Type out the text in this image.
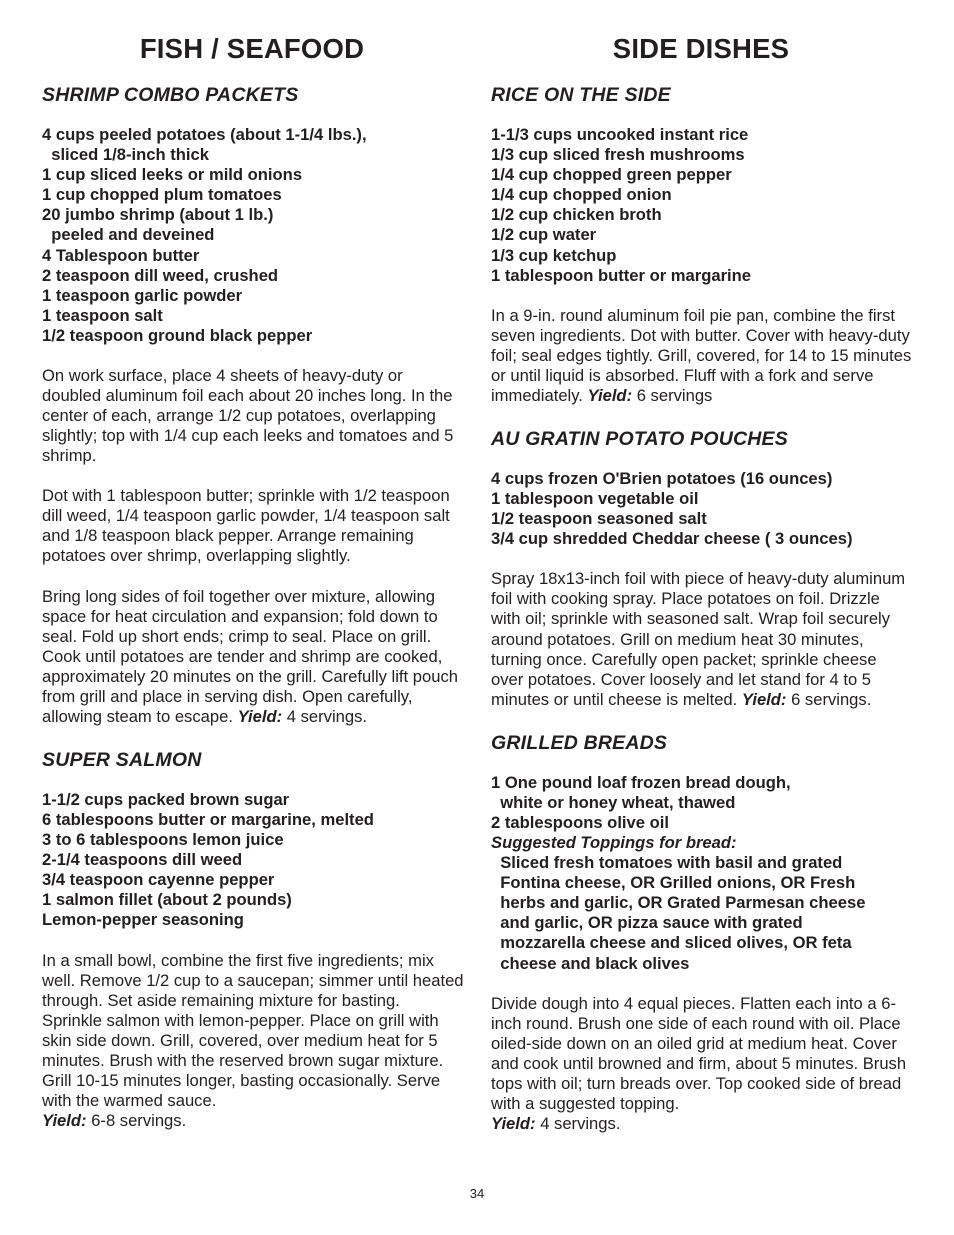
FISH / SEAFOOD
SHRIMP COMBO PACKETS
4 cups peeled potatoes (about 1-1/4 lbs.),
sliced 1/8-inch thick
1 cup sliced leeks or mild onions
1 cup chopped plum tomatoes
20 jumbo shrimp (about 1 lb.)
peeled and deveined
4 Tablespoon butter
2 teaspoon dill weed, crushed
1 teaspoon garlic powder
1 teaspoon salt
1/2 teaspoon ground black pepper

On work surface, place 4 sheets of heavy-duty or doubled aluminum foil each about 20 inches long. In the center of each, arrange 1/2 cup potatoes, overlapping slightly; top with 1/4 cup each leeks and tomatoes and 5 shrimp.

Dot with 1 tablespoon butter; sprinkle with 1/2 teaspoon dill weed, 1/4 teaspoon garlic powder, 1/4 teaspoon salt and 1/8 teaspoon black pepper. Arrange remaining potatoes over shrimp, overlapping slightly.

Bring long sides of foil together over mixture, allowing space for heat circulation and expansion; fold down to seal. Fold up short ends; crimp to seal. Place on grill. Cook until potatoes are tender and shrimp are cooked, approximately 20 minutes on the grill. Carefully lift pouch from grill and place in serving dish. Open carefully, allowing steam to escape. Yield: 4 servings.

SUPER SALMON
1-1/2 cups packed brown sugar
6 tablespoons butter or margarine, melted
3 to 6 tablespoons lemon juice
2-1/4 teaspoons dill weed
3/4 teaspoon cayenne pepper
1 salmon fillet (about 2 pounds)
Lemon-pepper seasoning

In a small bowl, combine the first five ingredients; mix well. Remove 1/2 cup to a saucepan; simmer until heated through. Set aside remaining mixture for basting. Sprinkle salmon with lemon-pepper. Place on grill with skin side down. Grill, covered, over medium heat for 5 minutes. Brush with the reserved brown sugar mixture. Grill 10-15 minutes longer, basting occasionally. Serve with the warmed sauce.
Yield: 6-8 servings.

SIDE DISHES
RICE ON THE SIDE
1-1/3 cups uncooked instant rice
1/3 cup sliced fresh mushrooms
1/4 cup chopped green pepper
1/4 cup chopped onion
1/2 cup chicken broth
1/2 cup water
1/3 cup ketchup
1 tablespoon butter or margarine

In a 9-in. round aluminum foil pie pan, combine the first seven ingredients. Dot with butter. Cover with heavy-duty foil; seal edges tightly. Grill, covered, for 14 to 15 minutes or until liquid is absorbed. Fluff with a fork and serve immediately. Yield: 6 servings

AU GRATIN POTATO POUCHES
4 cups frozen O'Brien potatoes (16 ounces)
1 tablespoon vegetable oil
1/2 teaspoon seasoned salt
3/4 cup shredded Cheddar cheese ( 3 ounces)

Spray 18x13-inch foil with piece of heavy-duty aluminum foil with cooking spray. Place potatoes on foil. Drizzle with oil; sprinkle with seasoned salt. Wrap foil securely around potatoes. Grill on medium heat 30 minutes, turning once. Carefully open packet; sprinkle cheese over potatoes. Cover loosely and let stand for 4 to 5 minutes or until cheese is melted. Yield: 6 servings.

GRILLED BREADS
1 One pound loaf frozen bread dough,
white or honey wheat, thawed
2 tablespoons olive oil
Suggested Toppings for bread:
Sliced fresh tomatoes with basil and grated
Fontina cheese, OR Grilled onions, OR Fresh
herbs and garlic, OR Grated Parmesan cheese
and garlic, OR pizza sauce with grated
mozzarella cheese and sliced olives, OR feta
cheese and black olives

Divide dough into 4 equal pieces. Flatten each into a 6-inch round. Brush one side of each round with oil. Place oiled-side down on an oiled grid at medium heat. Cover and cook until browned and firm, about 5 minutes. Brush tops with oil; turn breads over. Top cooked side of bread with a suggested topping.
Yield: 4 servings.

34
